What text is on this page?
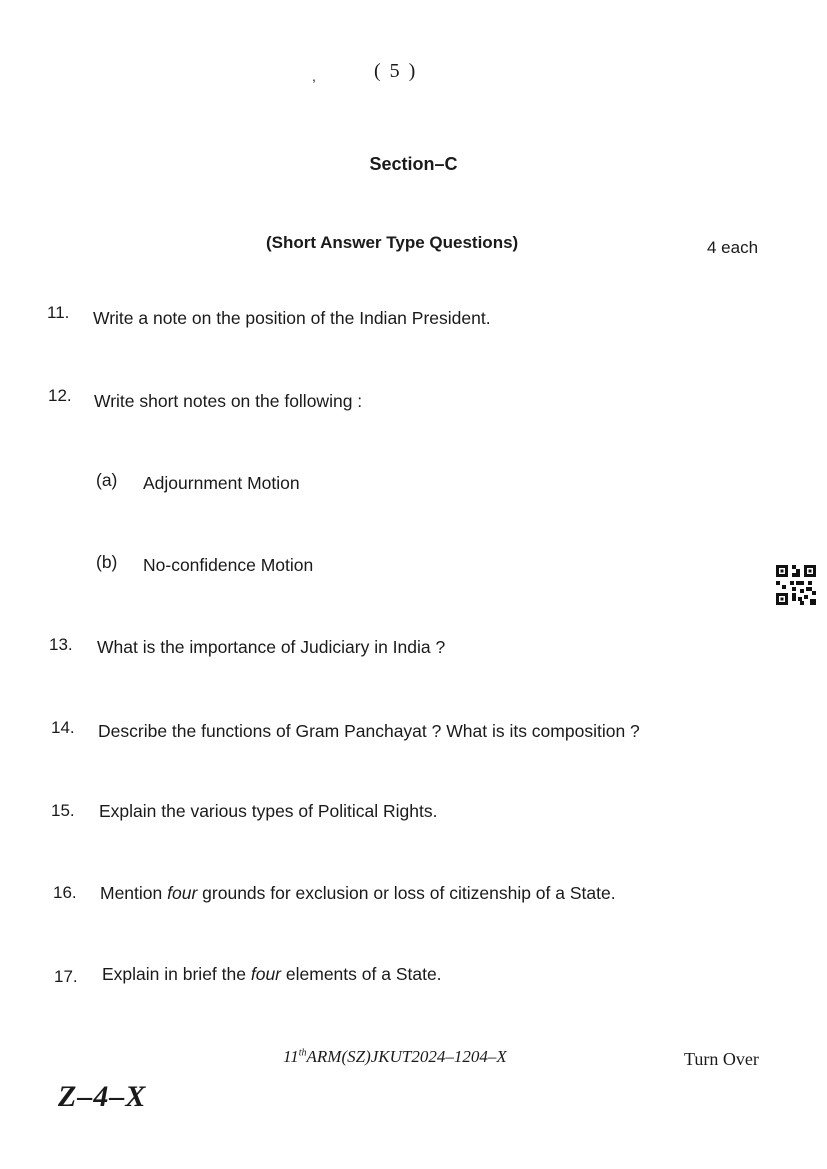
,	( 5 )
Section–C
(Short Answer Type Questions)	4 each
11. Write a note on the position of the Indian President.
12. Write short notes on the following :
(a) Adjournment Motion
(b) No-confidence Motion
13. What is the importance of Judiciary in India ?
14. Describe the functions of Gram Panchayat ? What is its composition ?
15. Explain the various types of Political Rights.
16. Mention four grounds for exclusion or loss of citizenship of a State.
17. Explain in brief the four elements of a State.
11thARM(SZ)JKUT2024–1204–X	Turn Over
Z–4–X
